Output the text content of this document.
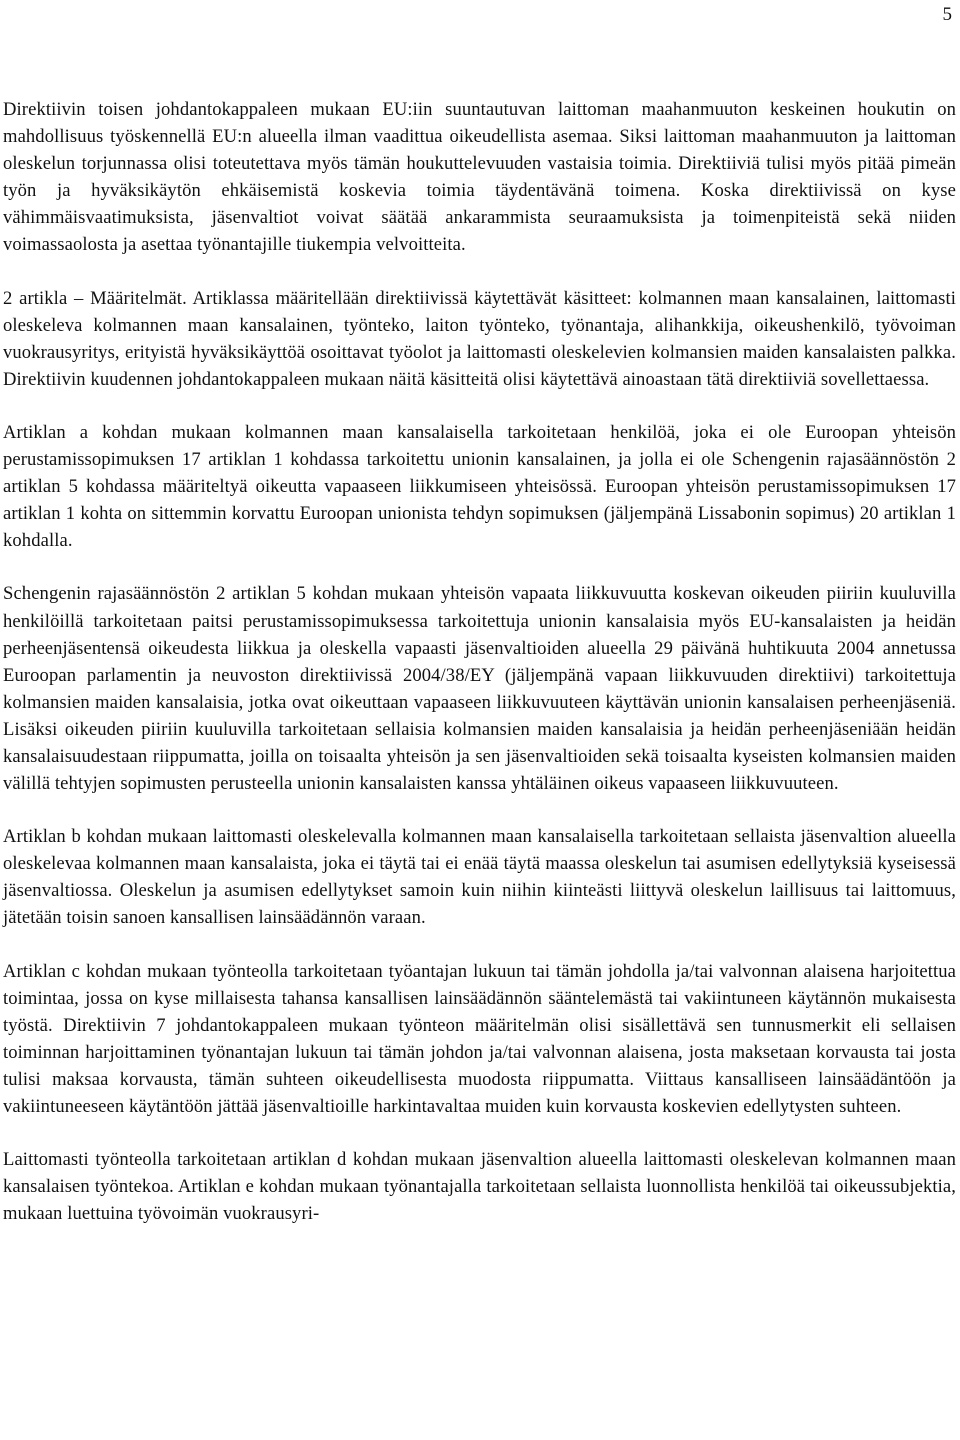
5

Direktiivin toisen johdantokappaleen mukaan EU:iin suuntautuvan laittoman maahanmuuton keskeinen houkutin on mahdollisuus työskennellä EU:n alueella ilman vaadittua oikeudellista asemaa. Siksi laittoman maahanmuuton ja laittoman oleskelun torjunnassa olisi toteutettava myös tämän houkuttelevuuden vastaisia toimia. Direktiiviä tulisi myös pitää pimeän työn ja hyväksikäytön ehkäisemistä koskevia toimia täydentävänä toimena. Koska direktiivissä on kyse vähimmäisvaatimuksista, jäsenvaltiot voivat säätää ankarammista seuraamuksista ja toimenpiteistä sekä niiden voimassaolosta ja asettaa työnantajille tiukempia velvoitteita.

2 artikla – Määritelmät. Artiklassa määritellään direktiivissä käytettävät käsitteet: kolmannen maan kansalainen, laittomasti oleskeleva kolmannen maan kansalainen, työnteko, laiton työnteko, työnantaja, alihankkija, oikeushenkilö, työvoiman vuokrausyritys, erityistä hyväksikäyttöä osoittavat työolot ja laittomasti oleskelevien kolmansien maiden kansalaisten palkka. Direktiivin kuudennen johdantokappaleen mukaan näitä käsitteitä olisi käytettävä ainoastaan tätä direktiiviä sovellettaessa.

Artiklan a kohdan mukaan kolmannen maan kansalaisella tarkoitetaan henkilöä, joka ei ole Euroopan yhteisön perustamissopimuksen 17 artiklan 1 kohdassa tarkoitettu unionin kansalainen, ja jolla ei ole Schengenin rajasäännöstön 2 artiklan 5 kohdassa määriteltyä oikeutta vapaaseen liikkumiseen yhteisössä. Euroopan yhteisön perustamissopimuksen 17 artiklan 1 kohta on sittemmin korvattu Euroopan unionista tehdyn sopimuksen (jäljempänä Lissabonin sopimus) 20 artiklan 1 kohdalla.

Schengenin rajasäännöstön 2 artiklan 5 kohdan mukaan yhteisön vapaata liikkuvuutta koskevan oikeuden piiriin kuuluvilla henkilöillä tarkoitetaan paitsi perustamissopimuksessa tarkoitettuja unionin kansalaisia myös EU-kansalaisten ja heidän perheenjäsentensä oikeudesta liikkua ja oleskella vapaasti jäsenvaltioiden alueella 29 päivänä huhtikuuta 2004 annetussa Euroopan parlamentin ja neuvoston direktiivissä 2004/38/EY (jäljempänä vapaan liikkuvuuden direktiivi) tarkoitettuja kolmansien maiden kansalaisia, jotka ovat oikeuttaan vapaaseen liikkuvuuteen käyttävän unionin kansalaisen perheenjäseniä. Lisäksi oikeuden piiriin kuuluvilla tarkoitetaan sellaisia kolmansien maiden kansalaisia ja heidän perheenjäseniään heidän kansalaisuudestaan riippumatta, joilla on toisaalta yhteisön ja sen jäsenvaltioiden sekä toisaalta kyseisten kolmansien maiden välillä tehtyjen sopimusten perusteella unionin kansalaisten kanssa yhtäläinen oikeus vapaaseen liikkuvuuteen.

Artiklan b kohdan mukaan laittomasti oleskelevalla kolmannen maan kansalaisella tarkoitetaan sellaista jäsenvaltion alueella oleskelevaa kolmannen maan kansalaista, joka ei täytä tai ei enää täytä maassa oleskelun tai asumisen edellytyksiä kyseisessä jäsenvaltiossa. Oleskelun ja asumisen edellytykset samoin kuin niihin kiinteästi liittyvä oleskelun laillisuus tai laittomuus, jätetään toisin sanoen kansallisen lainsäädännön varaan.

Artiklan c kohdan mukaan työnteolla tarkoitetaan työantajan lukuun tai tämän johdolla ja/tai valvonnan alaisena harjoitettua toimintaa, jossa on kyse millaisesta tahansa kansallisen lainsäädännön sääntelemästä tai vakiintuneen käytännön mukaisesta työstä. Direktiivin 7 johdantokappaleen mukaan työnteon määritelmän olisi sisällettävä sen tunnusmerkit eli sellaisen toiminnan harjoittaminen työnantajan lukuun tai tämän johdon ja/tai valvonnan alaisena, josta maksetaan korvausta tai josta tulisi maksaa korvausta, tämän suhteen oikeudellisesta muodosta riippumatta. Viittaus kansalliseen lainsäädäntöön ja vakiintuneeseen käytäntöön jättää jäsenvaltioille harkintavaltaa muiden kuin korvausta koskevien edellytysten suhteen.

Laittomasti työnteolla tarkoitetaan artiklan d kohdan mukaan jäsenvaltion alueella laittomasti oleskelevan kolmannen maan kansalaisen työntekoa. Artiklan e kohdan mukaan työnantajalla tarkoitetaan sellaista luonnollista henkilöä tai oikeussubjektia, mukaan luettuina työvoimän vuokrausyri-
